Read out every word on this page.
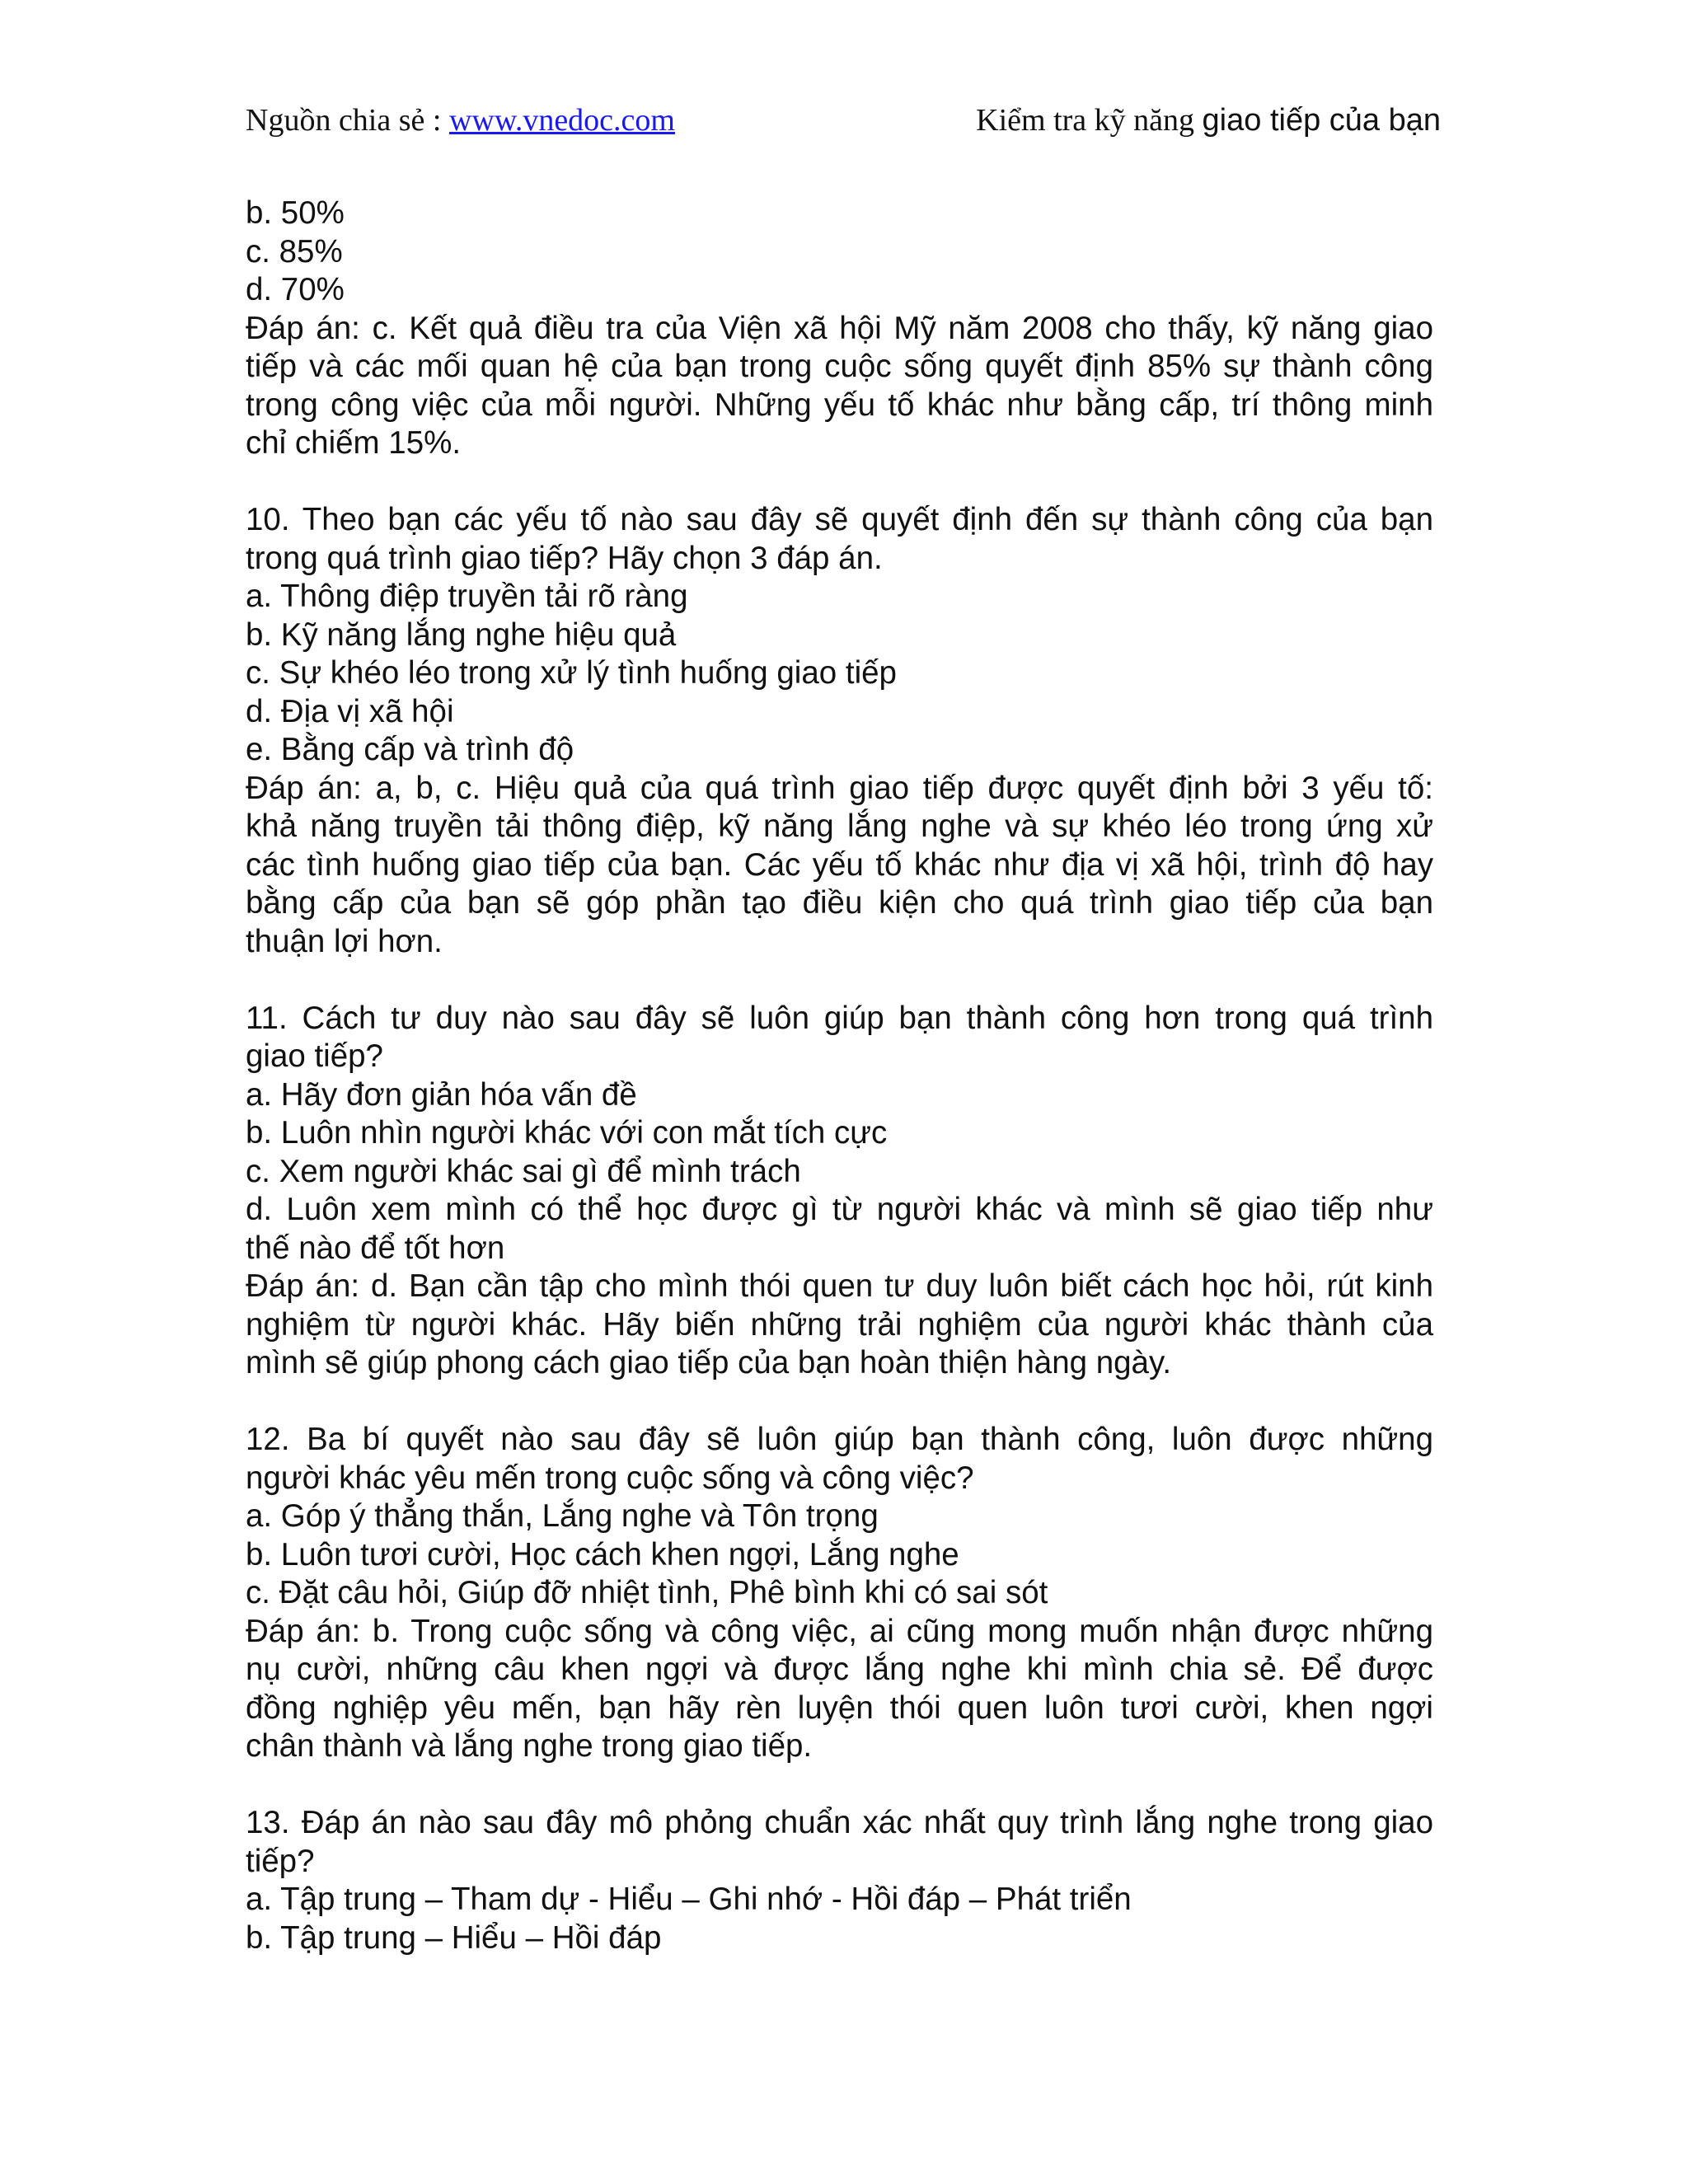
Nguồn chia sẻ : www.vnedoc.com	Kiểm tra kỹ năng giao tiếp của bạn
b. 50%
c. 85%
d. 70%
Đáp án: c. Kết quả điều tra của Viện xã hội Mỹ năm 2008 cho thấy, kỹ năng giao
tiếp và các mối quan hệ của bạn trong cuộc sống quyết định 85% sự thành công
trong công việc của mỗi người. Những yếu tố khác như bằng cấp, trí thông minh
chỉ chiếm 15%.
10. Theo bạn các yếu tố nào sau đây sẽ quyết định đến sự thành công của bạn
trong quá trình giao tiếp? Hãy chọn 3 đáp án.
a. Thông điệp truyền tải rõ ràng
b. Kỹ năng lắng nghe hiệu quả
c. Sự khéo léo trong xử lý tình huống giao tiếp
d. Địa vị xã hội
e. Bằng cấp và trình độ
Đáp án: a, b, c. Hiệu quả của quá trình giao tiếp được quyết định bởi 3 yếu tố:
khả năng truyền tải thông điệp, kỹ năng lắng nghe và sự khéo léo trong ứng xử
các tình huống giao tiếp của bạn. Các yếu tố khác như địa vị xã hội, trình độ hay
bằng cấp của bạn sẽ góp phần tạo điều kiện cho quá trình giao tiếp của bạn
thuận lợi hơn.
11. Cách tư duy nào sau đây sẽ luôn giúp bạn thành công hơn trong quá trình
giao tiếp?
a. Hãy đơn giản hóa vấn đề
b. Luôn nhìn người khác với con mắt tích cực
c. Xem người khác sai gì để mình trách
d. Luôn xem mình có thể học được gì từ người khác và mình sẽ giao tiếp như
thế nào để tốt hơn
Đáp án: d. Bạn cần tập cho mình thói quen tư duy luôn biết cách học hỏi, rút kinh
nghiệm từ người khác. Hãy biến những trải nghiệm của người khác thành của
mình sẽ giúp phong cách giao tiếp của bạn hoàn thiện hàng ngày.
12. Ba bí quyết nào sau đây sẽ luôn giúp bạn thành công, luôn được những
người khác yêu mến trong cuộc sống và công việc?
a. Góp ý thẳng thắn, Lắng nghe và Tôn trọng
b. Luôn tươi cười, Học cách khen ngợi, Lắng nghe
c. Đặt câu hỏi, Giúp đỡ nhiệt tình, Phê bình khi có sai sót
Đáp án: b. Trong cuộc sống và công việc, ai cũng mong muốn nhận được những
nụ cười, những câu khen ngợi và được lắng nghe khi mình chia sẻ. Để được
đồng nghiệp yêu mến, bạn hãy rèn luyện thói quen luôn tươi cười, khen ngợi
chân thành và lắng nghe trong giao tiếp.
13. Đáp án nào sau đây mô phỏng chuẩn xác nhất quy trình lắng nghe trong giao
tiếp?
a. Tập trung – Tham dự - Hiểu – Ghi nhớ - Hồi đáp – Phát triển
b. Tập trung – Hiểu – Hồi đáp
